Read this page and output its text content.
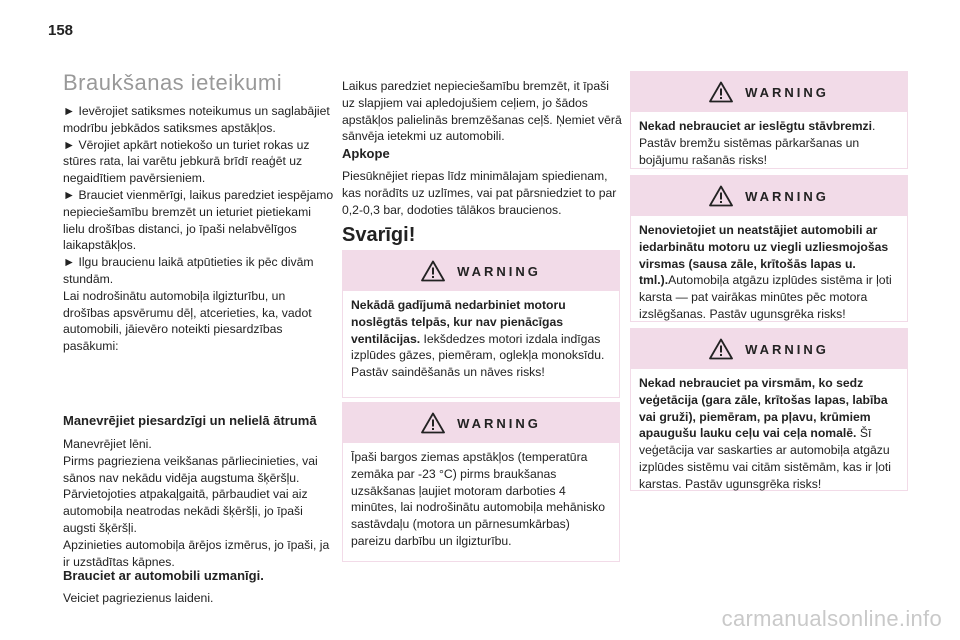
158
Braukšanas ieteikumi

► Ievērojiet satiksmes noteikumus un saglabājiet modrību jebkādos satiksmes apstākļos.
► Vērojiet apkārt notiekošo un turiet rokas uz stūres rata, lai varētu jebkurā brīdī reaģēt uz negaidītiem pavērsieniem.
► Brauciet vienmērīgi, laikus paredziet iespējamo nepieciešamību bremzēt un ieturiet pietiekami lielu drošības distanci, jo īpaši nelabvēlīgos laikapstākļos.
► Ilgu braucienu laikā atpūtieties ik pēc divām stundām.
Lai nodrošinātu automobiļa ilgizturību, un drošības apsvērumu dēļ, atcerieties, ka, vadot automobili, jāievēro noteikti piesardzības pasākumi:

Manevrējiet piesardzīgi un nelielā ātrumā

Manevrējiet lēni.
Pirms pagrieziena veikšanas pārliecinieties, vai sānos nav nekādu vidēja augstuma šķēršļu.
Pārvietojoties atpakaļgaitā, pārbaudiet vai aiz automobiļa neatrodas nekādi šķēršļi, jo īpaši augsti šķēršļi.
Apzinieties automobiļa ārējos izmērus, jo īpaši, ja ir uzstādītas kāpnes.

Brauciet ar automobili uzmanīgi.

Veiciet pagriezienus laideni.

Laikus paredziet nepieciešamību bremzēt, it īpaši uz slapjiem vai apledojušiem ceļiem, jo šādos apstākļos palielinās bremzēšanas ceļš. Ņemiet vērā sānvēja ietekmi uz automobili.

Apkope

Piesūknējiet riepas līdz minimālajam spiedienam, kas norādīts uz uzlīmes, vai pat pārsniedziet to par 0,2-0,3 bar, dodoties tālākos braucienos.

Svarīgi!

WARNING

Nekādā gadījumā nedarbiniet motoru noslēgtās telpās, kur nav pienācīgas ventilācijas. Iekšdedzes motori izdala indīgas izplūdes gāzes, piemēram, oglekļa monoksīdu. Pastāv saindēšanās un nāves risks!

WARNING

Īpaši bargos ziemas apstākļos (temperatūra zemāka par -23 °C) pirms braukšanas uzsākšanas ļaujiet motoram darboties 4 minūtes, lai nodrošinātu automobiļa mehānisko sastāvdaļu (motora un pārnesumkārbas) pareizu darbību un ilgizturību.

WARNING

Nekad nebrauciet ar ieslēgtu stāvbremzi. Pastāv bremžu sistēmas pārkaršanas un bojājumu rašanās risks!

WARNING

Nenovietojiet un neatstājiet automobili ar iedarbinātu motoru uz viegli uzliesmojošas virsmas (sausa zāle, krītošās lapas u. tml.).Automobiļa atgāzu izplūdes sistēma ir ļoti karsta — pat vairākas minūtes pēc motora izslēgšanas. Pastāv ugunsgrēka risks!

WARNING

Nekad nebrauciet pa virsmām, ko sedz veģetācija (gara zāle, krītošas lapas, labība vai gruži), piemēram, pa pļavu, krūmiem apaugušu lauku ceļu vai ceļa nomalē. Šī veģetācija var saskarties ar automobiļa atgāzu izplūdes sistēmu vai citām sistēmām, kas ir ļoti karstas. Pastāv ugunsgrēka risks!

carmanualsonline.info
